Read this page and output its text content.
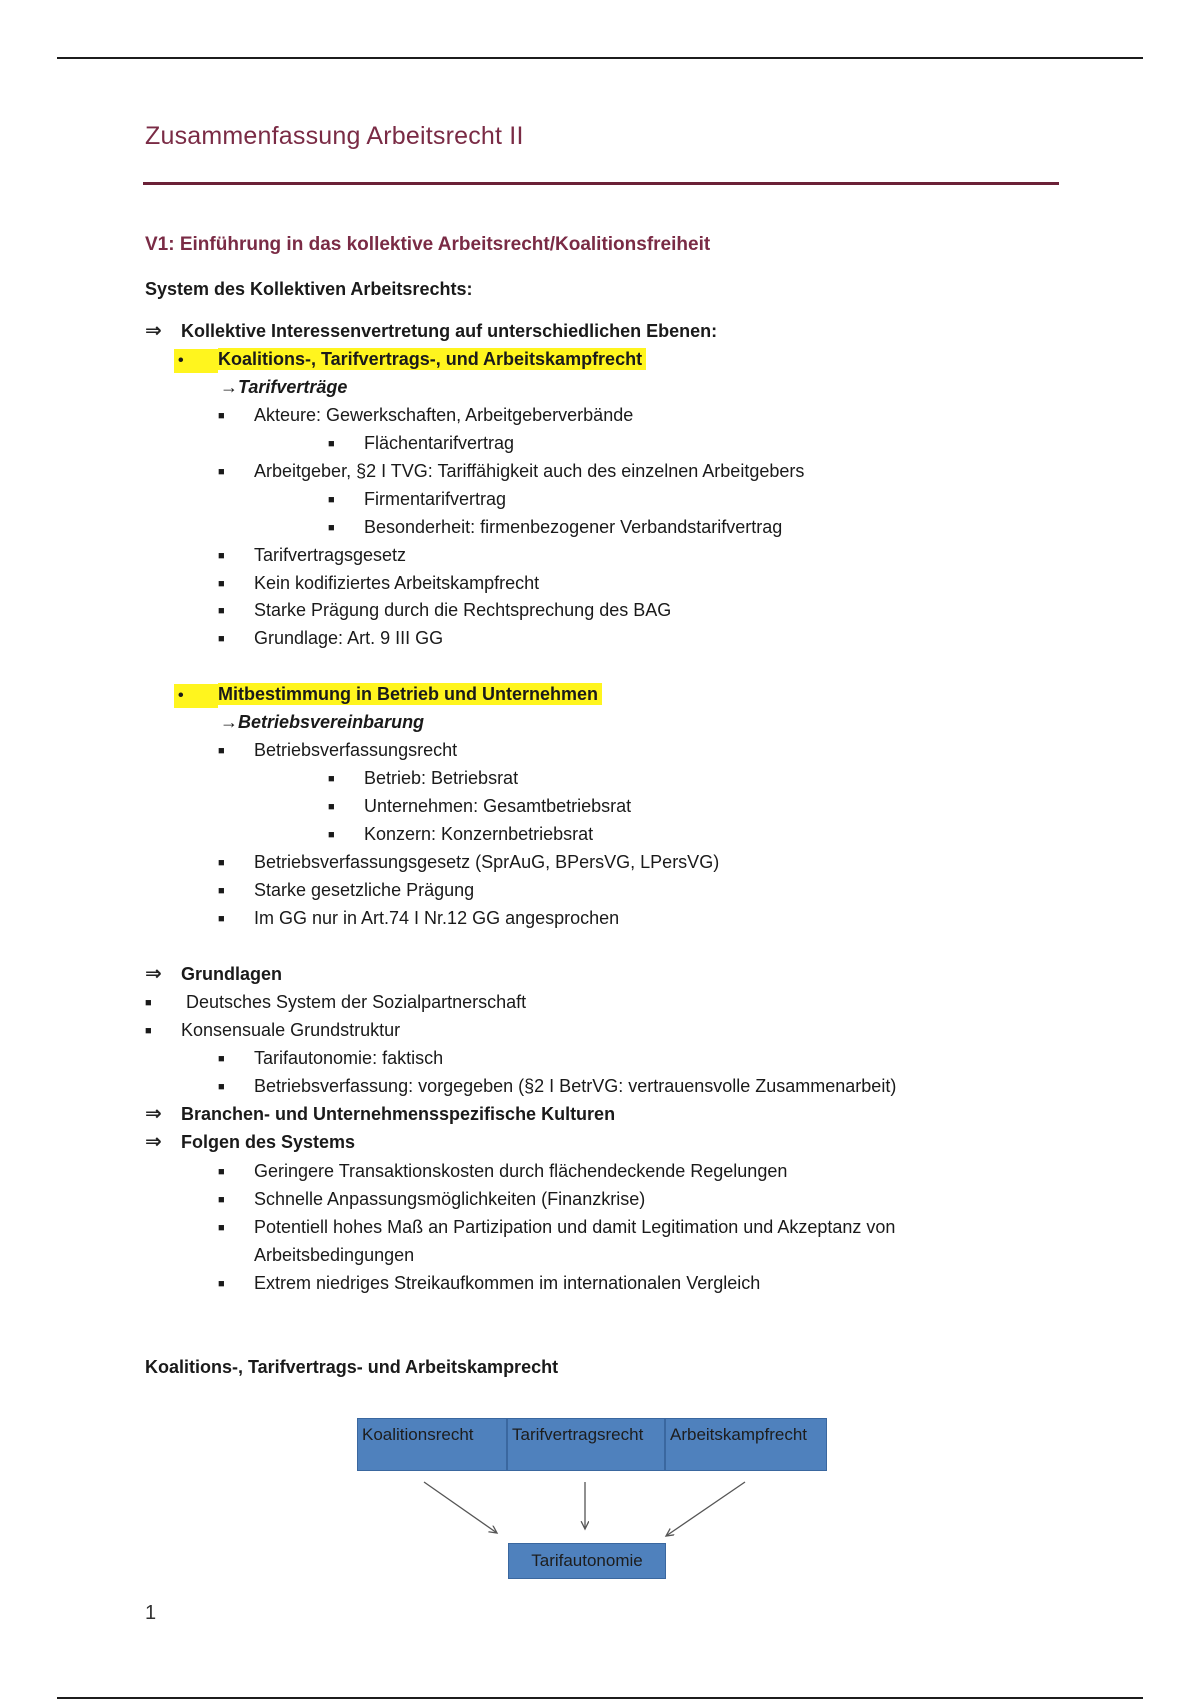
Zusammenfassung Arbeitsrecht II
V1: Einführung in das kollektive Arbeitsrecht/Koalitionsfreiheit
System des Kollektiven Arbeitsrechts:
⇒ Kollektive Interessenvertretung auf unterschiedlichen Ebenen:
• Koalitions-, Tarifvertrags-, und Arbeitskampfrecht
→Tarifverträge
■ Akteure: Gewerkschaften, Arbeitgeberverbände
■ Flächentarifvertrag
■ Arbeitgeber, §2 I TVG: Tariffähigkeit auch des einzelnen Arbeitgebers
■ Firmentarifvertrag
■ Besonderheit: firmenbezogener Verbandstarifvertrag
■ Tarifvertragsgesetz
■ Kein kodifiziertes Arbeitskampfrecht
■ Starke Prägung durch die Rechtsprechung des BAG
■ Grundlage: Art. 9 III GG
• Mitbestimmung in Betrieb und Unternehmen
→Betriebsvereinbarung
■ Betriebsverfassungsrecht
■ Betrieb: Betriebsrat
■ Unternehmen: Gesamtbetriebsrat
■ Konzern: Konzernbetriebsrat
■ Betriebsverfassungsgesetz (SprAuG, BPersVG, LPersVG)
■ Starke gesetzliche Prägung
■ Im GG nur in Art.74 I Nr.12 GG angesprochen
⇒ Grundlagen
■ Deutsches System der Sozialpartnerschaft
■ Konsensuale Grundstruktur
■ Tarifautonomie: faktisch
■ Betriebsverfassung: vorgegeben (§2 I BetrVG: vertrauensvolle Zusammenarbeit)
⇒ Branchen- und Unternehmensspezifische Kulturen
⇒ Folgen des Systems
■ Geringere Transaktionskosten durch flächendeckende Regelungen
■ Schnelle Anpassungsmöglichkeiten (Finanzkrise)
■ Potentiell hohes Maß an Partizipation und damit Legitimation und Akzeptanz von
Arbeitsbedingungen
■ Extrem niedriges Streikaufkommen im internationalen Vergleich
Koalitions-, Tarifvertrags- und Arbeitskamprecht
Koalitionsrecht	Tarifvertragsrecht	Arbeitskampfrecht
Tarifautonomie
1
